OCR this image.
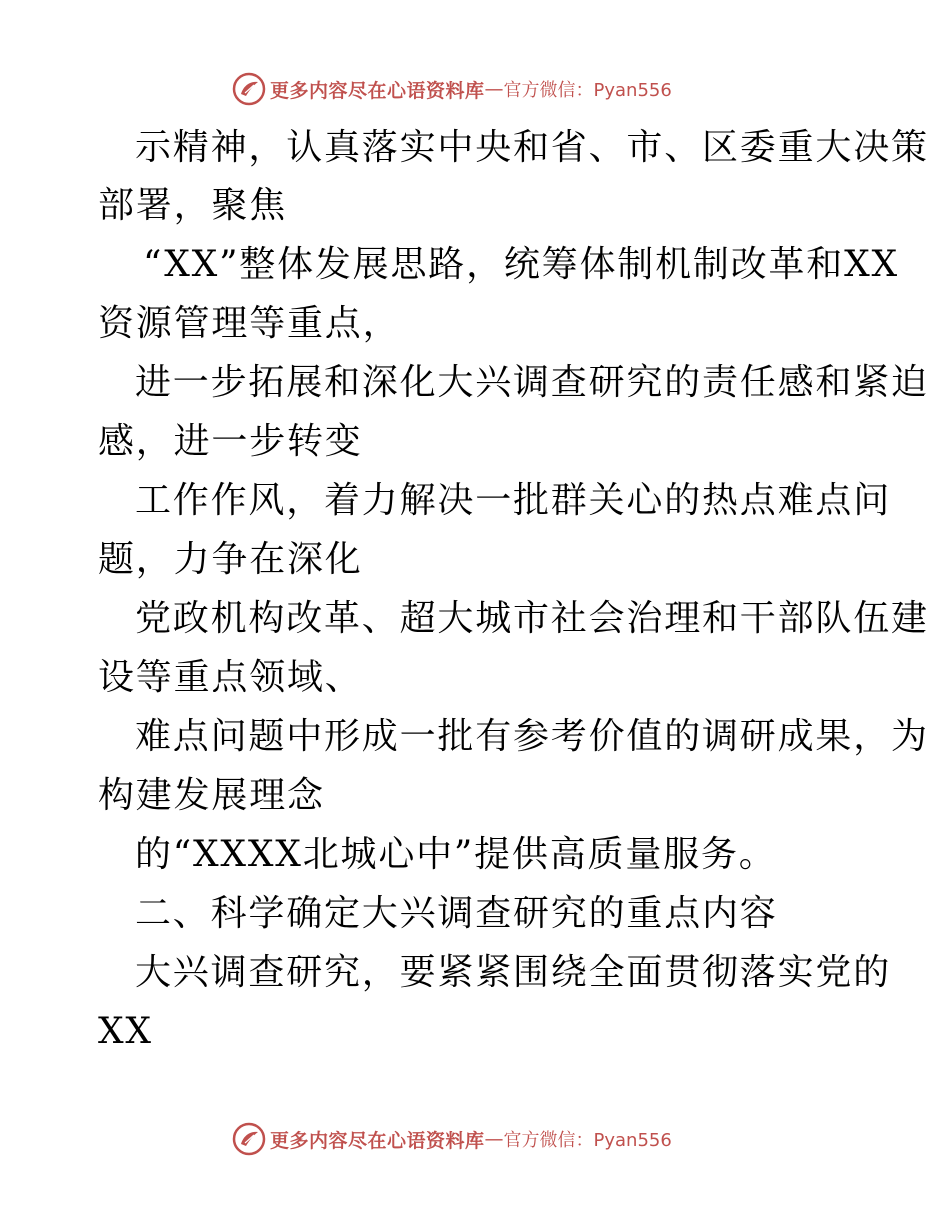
更多内容尽在心语资料库 — 官方微信：Pyan556
示精神，认真落实中央和省、市、区委重大决策
部署，聚焦
“XX”整体发展思路，统筹体制机制改革和XX
资源管理等重点，
进一步拓展和深化大兴调查研究的责任感和紧迫
感，进一步转变
工作作风，着力解决一批群关心的热点难点问
题，力争在深化
党政机构改革、超大城市社会治理和干部队伍建
设等重点领域、
难点问题中形成一批有参考价值的调研成果，为
构建发展理念
的“XXXX北城心中”提供高质量服务。
二、科学确定大兴调查研究的重点内容
大兴调查研究，要紧紧围绕全面贯彻落实党的
XX
更多内容尽在心语资料库 — 官方微信：Pyan556
